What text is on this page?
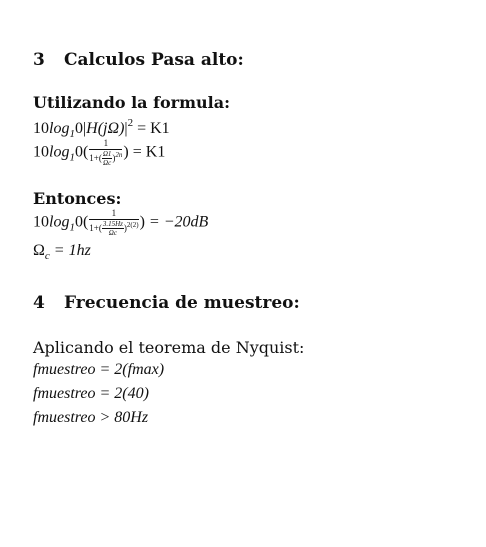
3 Calculos Pasa alto:
Utilizando la formula:
$10\log_10|H(j\Omega)|^2 = K1$
$10\log_10( \frac{1}{1+( \frac{\Omega 1}{\Omega c} )^{2n}}$ ) = K1
Entonces:
$10\log_10( \frac{1}{1+( \frac{3.15Hz}{\Omega c} )^{2(2)}}$ ) = −20dB
$\Omega_c = 1hz$
4 Frecuencia de muestreo:
Aplicando el teorema de Nyquist:
fmuestreo = 2(fmax)
fmuestreo = 2(40)
fmuestreo > 80Hz
